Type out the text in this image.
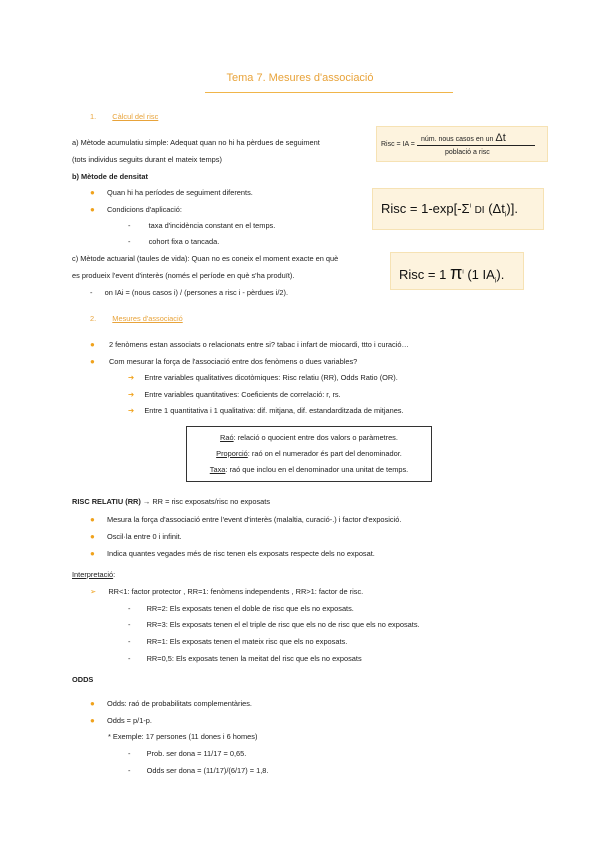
Tema 7. Mesures d'associació
1. Càlcul del risc
a) Mètode acumulatiu simple: Adequat quan no hi ha pèrdues de seguiment
(tots individus seguits durant el mateix temps)
Risc = IA =
núm. nous casos en un Δt
població a risc
b) Mètode de densitat
● Quan hi ha períodes de seguiment diferents.
● Condicions d'aplicació:
- taxa d'incidència constant en el temps.
- cohort fixa o tancada.
Risc = $1-\exp[-\Sigma^i$ DI $(\Delta t_i)$].
c) Mètode actuarial (taules de vida): Quan no es coneix el moment exacte en què
es produeix l'event d'interès (només el període en què s'ha produït).
- on IAi = (nous casos i) / (persones a risc i - pèrdues i/2).
Risc = 1 $\pi^i$ (1 $IA_i$).
2. Mesures d'associació
● 2 fenòmens estan associats o relacionats entre si? tabac i infart de miocardi, ttto i curació…
● Com mesurar la força de l'associació entre dos fenòmens o dues variables?
➔ Entre variables qualitatives dicotòmiques: Risc relatiu (RR), Odds Ratio (OR).
➔ Entre variables quantitatives: Coeficients de correlació: r, rs.
➔ Entre 1 quantitativa i 1 qualitativa: dif. mitjana, dif. estandarditzada de mitjanes.
Raó: relació o quocient entre dos valors o paràmetres.
Proporció: raó on el numerador és part del denominador.
Taxa: raó que inclou en el denominador una unitat de temps.
RISC RELATIU (RR) → RR = risc exposats/risc no exposats
● Mesura la força d'associació entre l'event d'interès (malaltia, curació-.) i factor d'exposició.
● Oscil·la entre 0 i infinit.
● Indica quantes vegades més de risc tenen els exposats respecte dels no exposat.
Interpretació:
➢ RR<1: factor protector , RR=1: fenòmens independents , RR>1: factor de risc.
- RR=2: Els exposats tenen el doble de risc que els no exposats.
- RR=3: Els exposats tenen el el triple de risc que els no de risc que els no exposats.
- RR=1: Els exposats tenen el mateix risc que els no exposats.
- RR=0,5: Els exposats tenen la meitat del risc que els no exposats
ODDS
● Odds: raó de probabilitats complementàries.
● Odds = p/1-p.
* Exemple: 17 persones (11 dones i 6 homes)
- Prob. ser dona = 11/17 = 0,65.
- Odds ser dona = (11/17)/(6/17) = 1,8.
